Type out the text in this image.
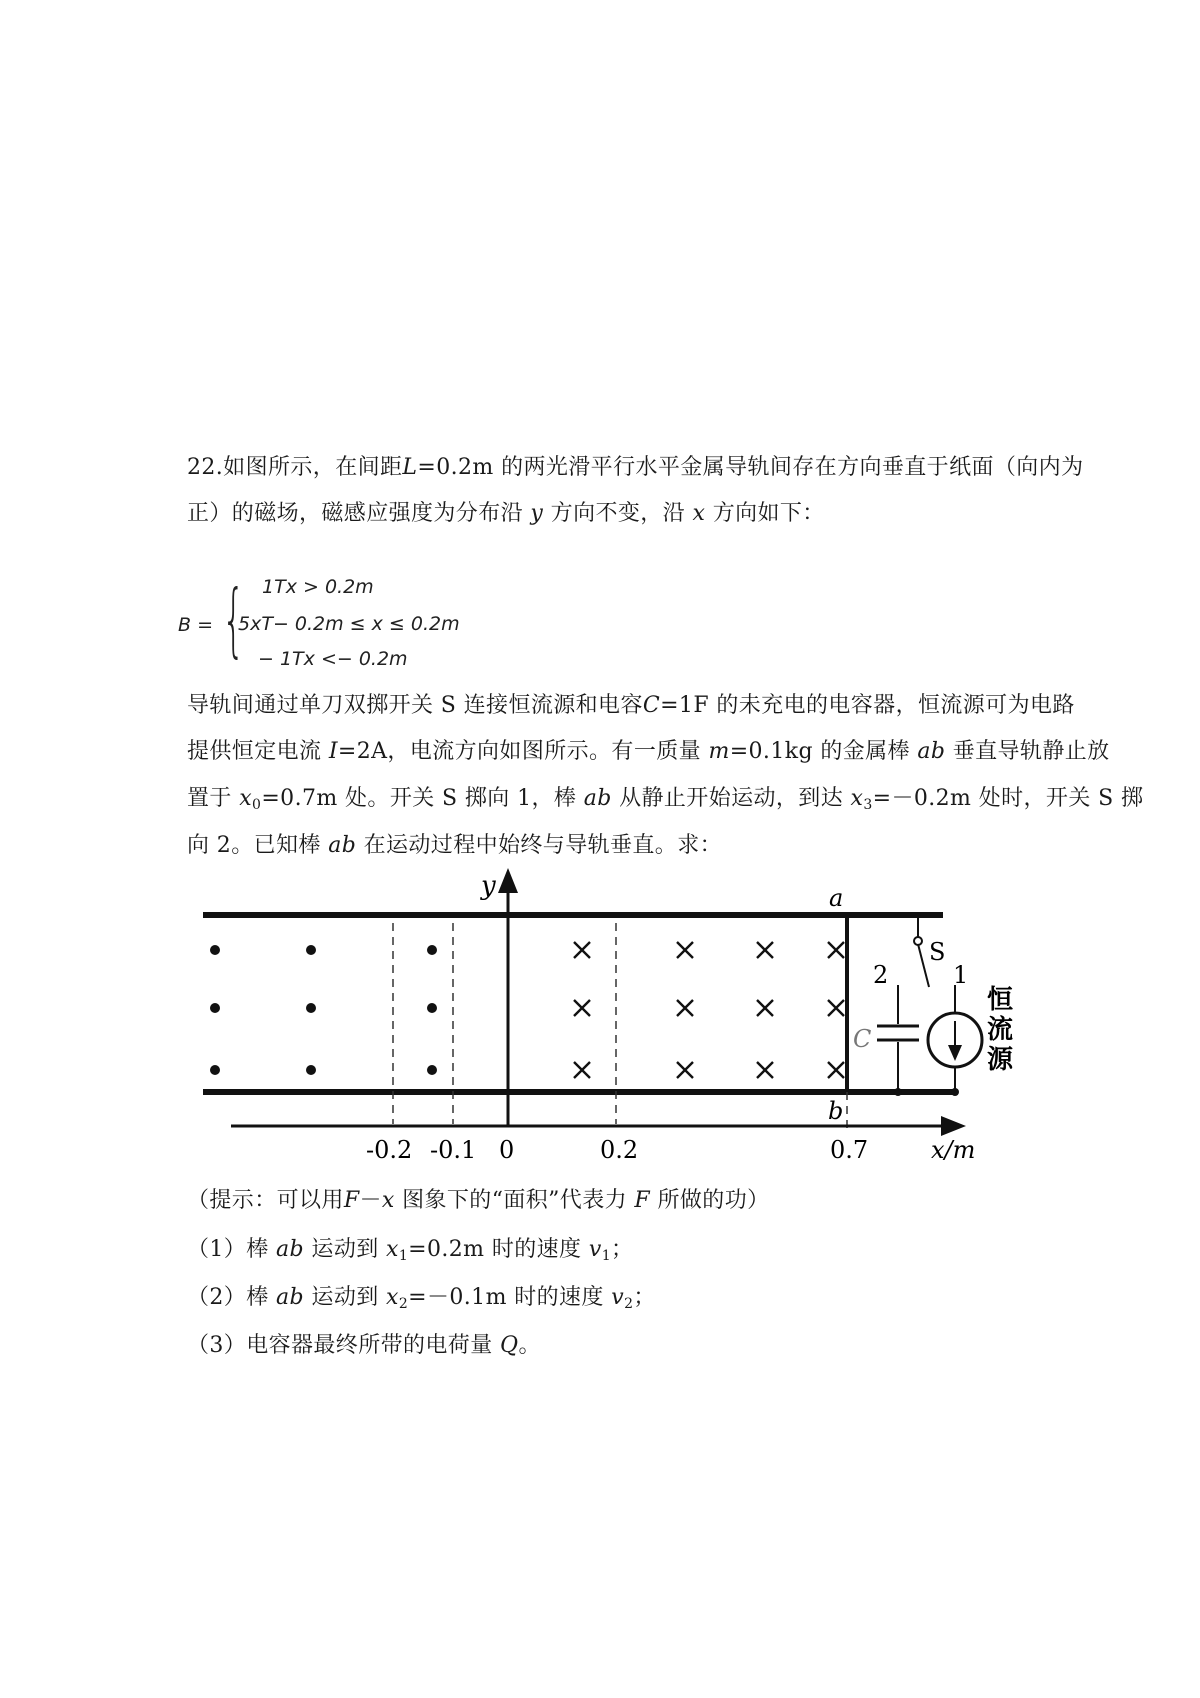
22.如图所示，在间距L=0.2m 的两光滑平行水平金属导轨间存在方向垂直于纸面（向内为
正）的磁场，磁感应强度为分布沿 y 方向不变，沿 x 方向如下：
B = { 1Tx > 0.2m
5xT− 0.2m ≤ x ≤ 0.2m
− 1Tx <− 0.2m
导轨间通过单刀双掷开关 S 连接恒流源和电容C=1F 的未充电的电容器，恒流源可为电路
提供恒定电流 I=2A，电流方向如图所示。有一质量 m=0.1kg 的金属棒 ab 垂直导轨静止放
置于 $x_0=0.7m$ 处。开关 S 掷向 1，棒 ab 从静止开始运动，到达 $x_3=-0.2m$ 处时，开关 S 掷
向 2。已知棒 ab 在运动过程中始终与导轨垂直。求：
y
x/m
a
b
S
1
2
C
恒
流
源
-0.2 -0.1 0	0.2	0.7
（提示：可以用F－x 图象下的“面积”代表力 F 所做的功）
（1）棒 ab 运动到 $x_1=0.2m$ 时的速度 $v_1$；
（2）棒 ab 运动到 $x_2=-0.1m$ 时的速度 $v_2$；
（3）电容器最终所带的电荷量 Q。
